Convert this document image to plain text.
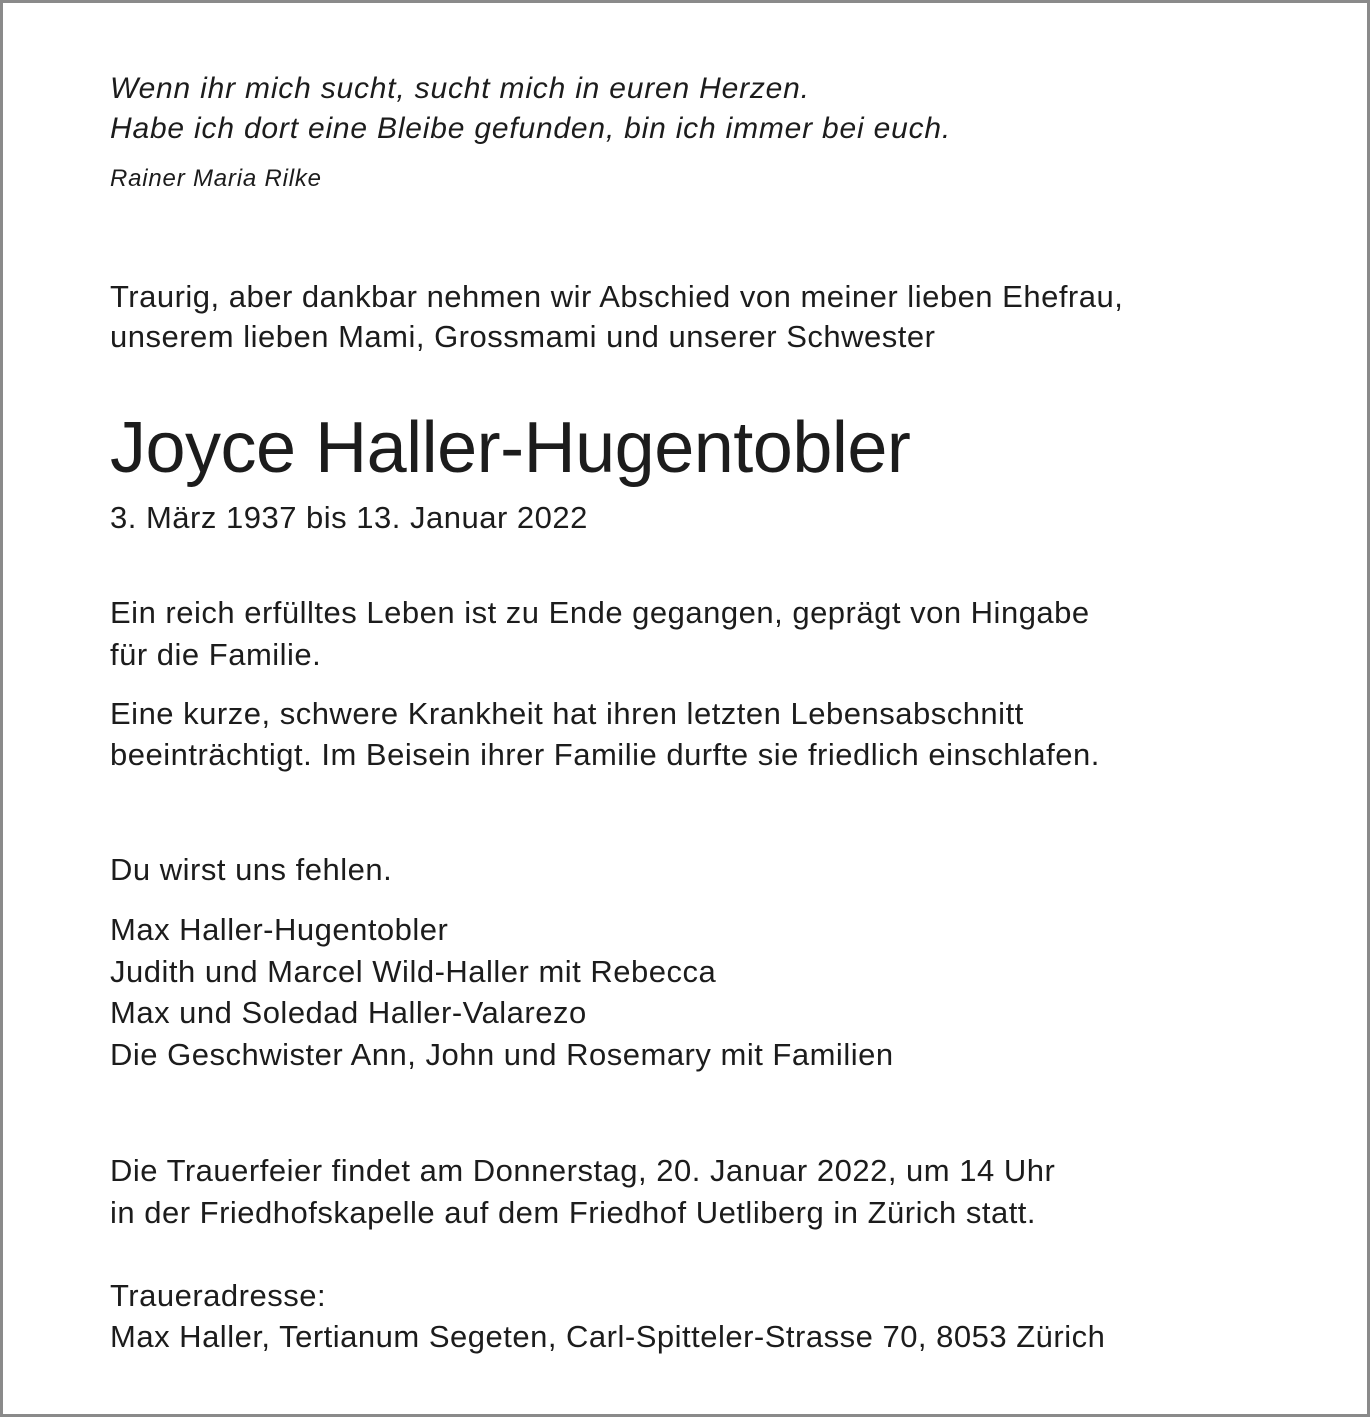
Wenn ihr mich sucht, sucht mich in euren Herzen.
Habe ich dort eine Bleibe gefunden, bin ich immer bei euch.
Rainer Maria Rilke
Traurig, aber dankbar nehmen wir Abschied von meiner lieben Ehefrau,
unserem lieben Mami, Grossmami und unserer Schwester
Joyce Haller-Hugentobler
3. März 1937 bis 13. Januar 2022
Ein reich erfülltes Leben ist zu Ende gegangen, geprägt von Hingabe
für die Familie.
Eine kurze, schwere Krankheit hat ihren letzten Lebensabschnitt
beeinträchtigt. Im Beisein ihrer Familie durfte sie friedlich einschlafen.
Du wirst uns fehlen.
Max Haller-Hugentobler
Judith und Marcel Wild-Haller mit Rebecca
Max und Soledad Haller-Valarezo
Die Geschwister Ann, John und Rosemary mit Familien
Die Trauerfeier findet am Donnerstag, 20. Januar 2022, um 14 Uhr
in der Friedhofskapelle auf dem Friedhof Uetliberg in Zürich statt.
Traueradresse:
Max Haller, Tertianum Segeten, Carl-Spitteler-Strasse 70, 8053 Zürich
